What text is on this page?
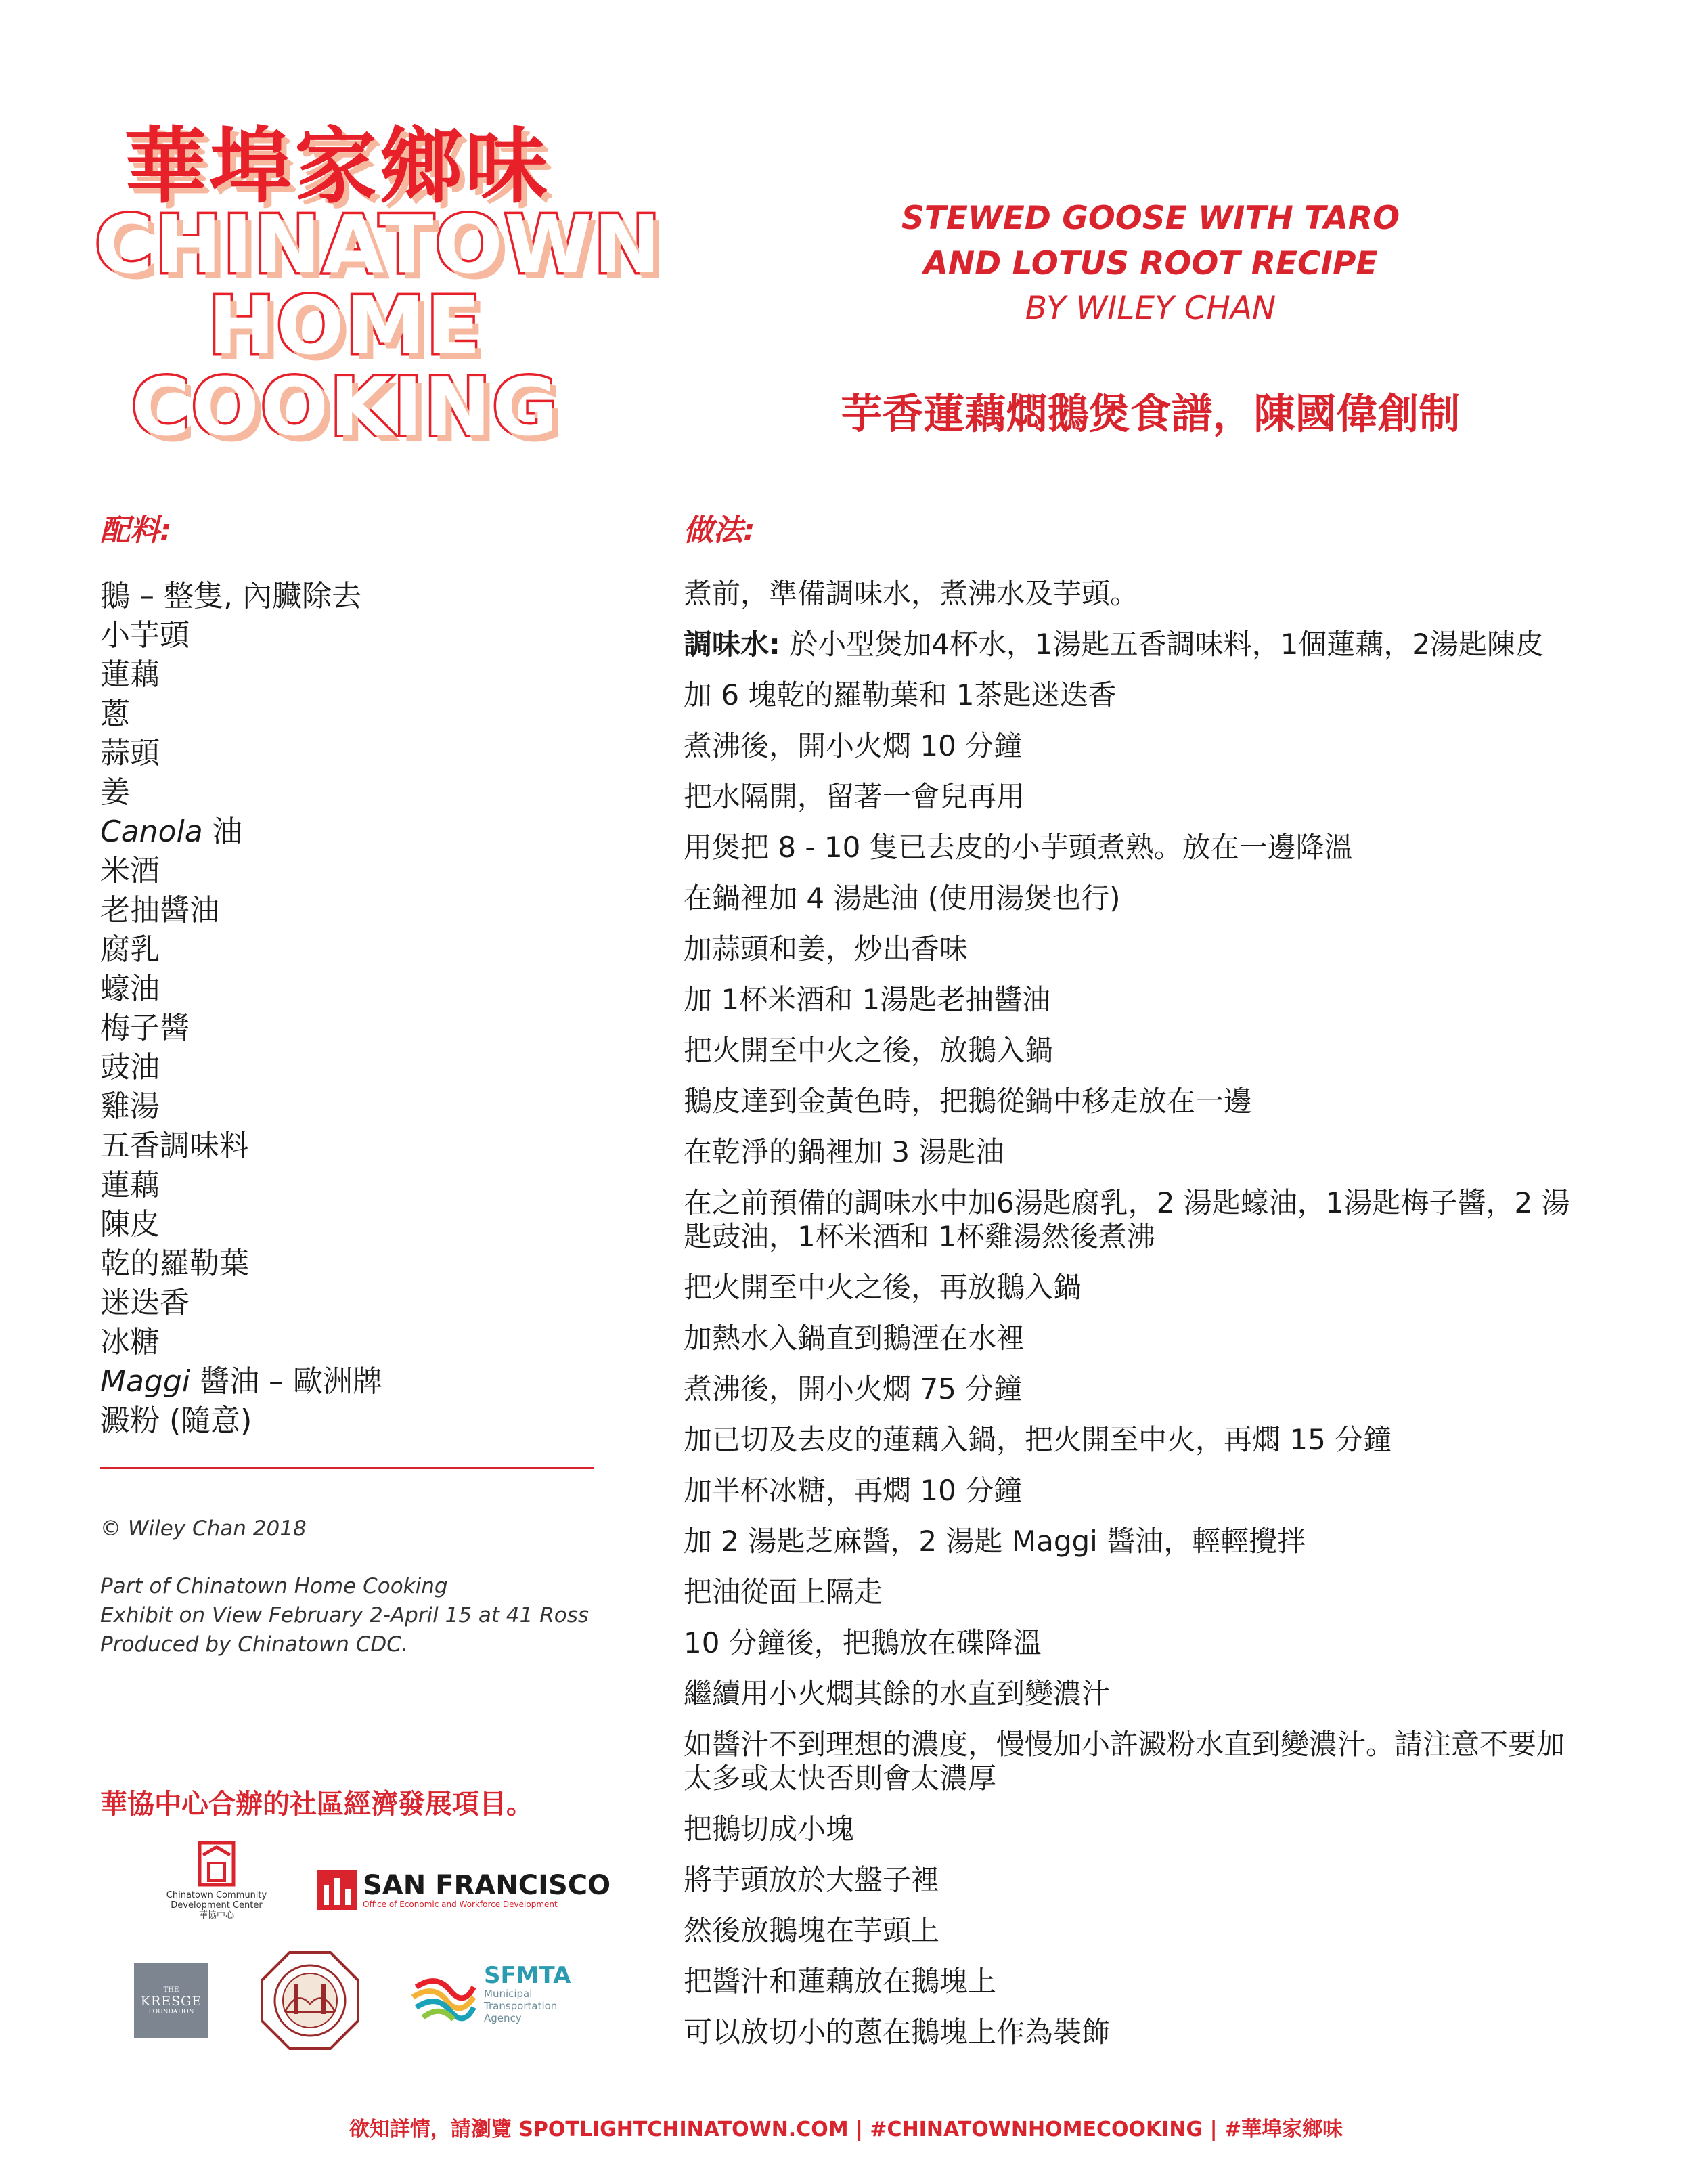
華埠家鄉味
CHINATOWN
HOME
COOKING
STEWED GOOSE WITH TARO
AND LOTUS ROOT RECIPE
BY WILEY CHAN
芋香蓮藕燜鵝煲食譜，陳國偉創制
配料:	做法:
鵝 – 整隻, 內臟除去
小芋頭
蓮藕
蔥
蒜頭
姜
Canola 油
米酒
老抽醬油
腐乳
蠔油
梅子醬
豉油
雞湯
五香調味料
蓮藕
陳皮
乾的羅勒葉
迷迭香
冰糖
Maggi 醬油 – 歐洲牌
澱粉 (隨意)
© Wiley Chan 2018
Part of Chinatown Home Cooking
Exhibit on View February 2-April 15 at 41 Ross
Produced by Chinatown CDC.
華協中心合辦的社區經濟發展項目。
煮前，準備調味水，煮沸水及芋頭。
調味水: 於小型煲加4杯水，1湯匙五香調味料，1個蓮藕，2湯匙陳皮
加 6 塊乾的羅勒葉和 1茶匙迷迭香
煮沸後，開小火燜 10 分鐘
把水隔開，留著一會兒再用
用煲把 8 - 10 隻已去皮的小芋頭煮熟。放在一邊降溫
在鍋裡加 4 湯匙油 (使用湯煲也行)
加蒜頭和姜，炒出香味
加 1杯米酒和 1湯匙老抽醬油
把火開至中火之後，放鵝入鍋
鵝皮達到金黃色時，把鵝從鍋中移走放在一邊
在乾淨的鍋裡加 3 湯匙油
在之前預備的調味水中加6湯匙腐乳，2 湯匙蠔油，1湯匙梅子醬，2 湯匙豉油，1杯米酒和 1杯雞湯然後煮沸
把火開至中火之後，再放鵝入鍋
加熱水入鍋直到鵝湮在水裡
煮沸後，開小火燜 75 分鐘
加已切及去皮的蓮藕入鍋，把火開至中火，再燜 15 分鐘
加半杯冰糖，再燜 10 分鐘
加 2 湯匙芝麻醬，2 湯匙 Maggi 醬油，輕輕攪拌
把油從面上隔走
10 分鐘後，把鵝放在碟降溫
繼續用小火燜其餘的水直到變濃汁
如醬汁不到理想的濃度，慢慢加小許澱粉水直到變濃汁。請注意不要加太多或太快否則會太濃厚
把鵝切成小塊
將芋頭放於大盤子裡
然後放鵝塊在芋頭上
把醬汁和蓮藕放在鵝塊上
可以放切小的蔥在鵝塊上作為裝飾
Chinatown Community
Development Center
華協中心
SAN FRANCISCO
Office of Economic and Workforce Development
THE
KRESGE
FOUNDATION
SFMTA
Municipal
Transportation
Agency
欲知詳情，請瀏覽 SPOTLIGHTCHINATOWN.COM | #CHINATOWNHOMECOOKING | #華埠家鄉味
